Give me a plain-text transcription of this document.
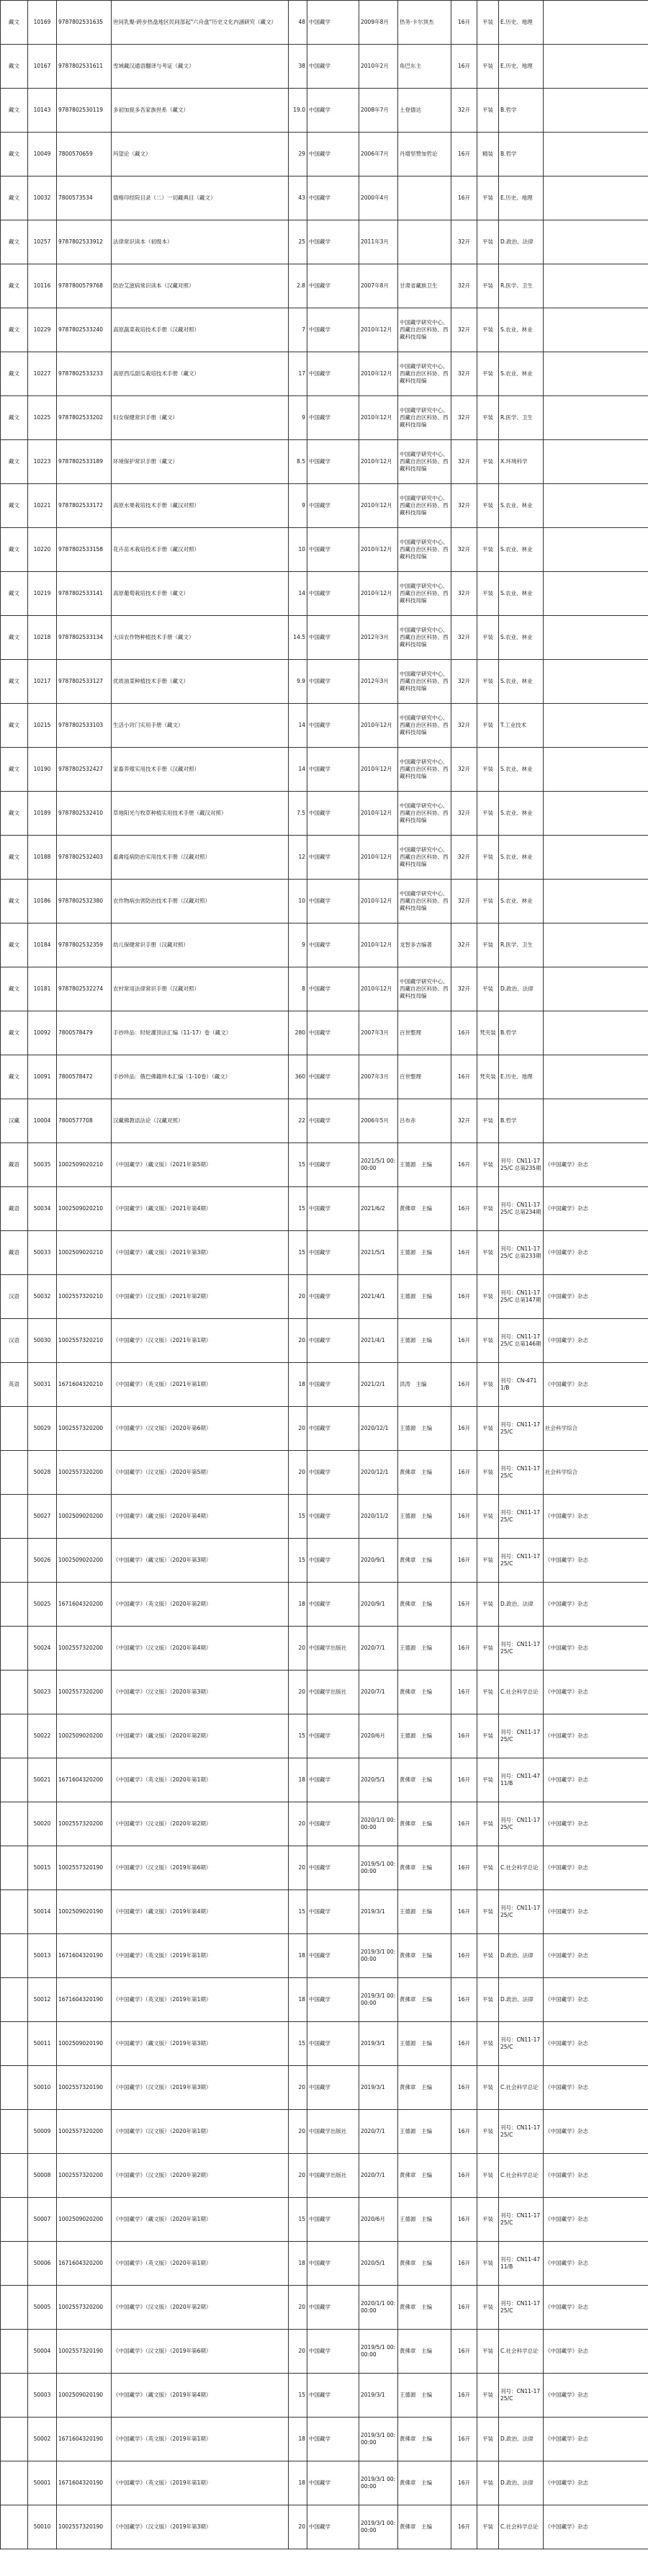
藏文	10169	9787802531635	世间乳聚-跨步热盘地区民间部起"六舟盘"历史文化内涵研究（藏文）	48	中国藏学	2009年8月	热务·卡尔顶杰	16开	平装	E.历史、地理	
藏文	10167	9787802531611	雪域藏汉通语翻译与考证（藏文）	38	中国藏学	2010年2月	角巴东主	16开	平装	E.历史、地理	
藏文	10143	9787802530119	多初加捉多吾家族世系（藏文）	19.0	中国藏学	2008年7月	土登德达	32开	平装	B.哲学	
藏文	10049	7800570659	玛望论（藏文）	29	中国藏学	2006年7月	丹增坚赞加哲论	16开	精装	B.哲学	
藏文	10032	7800573534	德格印经院目录（二）一切藏典目（藏文）	43	中国藏学	2000年4月		16开	平装	E.历史、地理	
藏文	10257	9787802533912	法律常识读本（初级本）	25	中国藏学	2011年3月		32开	平装	D.政治、法律	
藏文	10116	9787800579768	防治艾滋病常识读本（汉藏对照）	2.8	中国藏学	2007年8月	甘肃省藏族卫生	32开	平装	R.医学、卫生	
藏文	10229	9787802533240	高原蔬菜栽培技术手册（汉藏对照）	7	中国藏学	2010年12月	中国藏学研究中心、西藏自治区科协、西藏科技局编	32开	平装	S.农业、林业	
藏文	10227	9787802533233	高原西瓜甜瓜栽培技术手册（藏文）	17	中国藏学	2010年12月	中国藏学研究中心、西藏自治区科协、西藏科技局编	32开	平装	S.农业、林业	
藏文	10225	9787802533202	妇女保健常识手册（藏文）	9	中国藏学	2010年12月	中国藏学研究中心、西藏自治区科协、西藏科技局编	32开	平装	R.医学、卫生	
藏文	10223	9787802533189	环境保护常识手册（藏文）	8.5	中国藏学	2010年12月	中国藏学研究中心、西藏自治区科协、西藏科技局编	32开	平装	X.环境科学	
藏文	10221	9787802533172	高原水果栽培技术手册（藏汉对照）	9	中国藏学	2010年12月	中国藏学研究中心、西藏自治区科协、西藏科技局编	32开	平装	S.农业、林业	
藏文	10220	9787802533158	花卉苗木栽培技术手册（藏汉对照）	10	中国藏学	2010年12月	中国藏学研究中心、西藏自治区科协、西藏科技局编	32开	平装	S.农业、林业	
藏文	10219	9787802533141	高原葡萄栽培技术手册（藏文）	14	中国藏学	2010年12月	中国藏学研究中心、西藏自治区科协、西藏科技局编	32开	平装	S.农业、林业	
藏文	10218	9787802533134	大田农作物种植技术手册（藏文）	14.5	中国藏学	2012年3月	中国藏学研究中心、西藏自治区科协、西藏科技局编	32开	平装	S.农业、林业	
藏文	10217	9787802533127	优质油菜种植技术手册（藏文）	9.9	中国藏学	2012年3月	中国藏学研究中心、西藏自治区科协、西藏科技局编	32开	平装	S.农业、林业	
藏文	10215	9787802533103	生活小窍门实用手册（藏文）	14	中国藏学	2010年12月	中国藏学研究中心、西藏自治区科协、西藏科技局编	32开	平装	T.工业技术	
藏文	10190	9787802532427	家畜养殖实用技术手册（汉藏对照）	14	中国藏学	2010年12月	中国藏学研究中心、西藏自治区科协、西藏科技局编	32开	平装	S.农业、林业	
藏文	10189	9787802532410	草地阳光与牧草种植实用技术手册（藏汉对照）	7.5	中国藏学	2010年12月	中国藏学研究中心、西藏自治区科协、西藏科技局编	32开	平装	S.农业、林业	
藏文	10188	9787802532403	畜禽疫病防治实用技术手册（汉藏对照）	12	中国藏学	2010年12月	中国藏学研究中心、西藏自治区科协、西藏科技局编	32开	平装	S.农业、林业	
藏文	10186	9787802532380	农作物病虫害防治技术手册（汉藏对照）	10	中国藏学	2010年12月	中国藏学研究中心、西藏自治区科协、西藏科技局编	32开	平装	S.农业、林业	
藏文	10184	9787802532359	幼儿保健常识手册（汉藏对照）	9	中国藏学	2010年12月	龙智多吉编著	32开	平装	R.医学、卫生	
藏文	10181	9787802532274	农村常用法律常识手册（汉藏对照）	8	中国藏学	2010年12月	中国藏学研究中心、西藏自治区科协、西藏科技局编	32开	平装	D.政治、法律	
藏文	10092	7800578479	手抄珍品：时轮灌顶法汇编（11-17）卷（藏文）	280	中国藏学	2007年3月	百世整理	16开	梵夹装	B.哲学	
藏文	10091	7800578472	手抄珍品：俄巴佛籍珍本汇编（1-10卷）（藏文）	360	中国藏学	2007年3月	百世整理	16开	梵夹装	E.历史、地理	
汉藏	10004	7800577708	汉藏佛教语法论（汉藏对照）	22	中国藏学	2006年5月	吕布赤	32开	平装	B.哲学	
藏语	50035	1002509020210	《中国藏学》（藏文版）（2021年第5期）	15	中国藏学	2021/5/1 00:00:00	王德源　主编	16开	平装	刊号：CN11-1725/C 总第235期	《中国藏学》杂志
藏语	50034	1002509020210	《中国藏学》（藏文版）（2021年第4期）	15	中国藏学	2021/6/2	黄佛章　主编	16开	平装	刊号：CN11-1725/C 总第234期	《中国藏学》杂志
藏语	50033	1002509020210	《中国藏学》（藏文版）（2021年第3期）	15	中国藏学	2021/5/1	王德源　主编	16开	平装	刊号：CN11-1725/C 总第233期	《中国藏学》杂志
汉语	50032	1002557320210	《中国藏学》（汉文版）（2021年第2期）	20	中国藏学	2021/4/1	王德源　主编	16开	平装	刊号：CN11-1725/C 总第147期	《中国藏学》杂志
汉语	50030	1002557320210	《中国藏学》（汉文版）（2021年第1期）	20	中国藏学	2021/4/1	王德源　主编	16开	平装	刊号：CN11-1725/C 总第146期	《中国藏学》杂志
英语	50031	1671604320210	《中国藏学》（英文版）（2021年第1期）	18	中国藏学	2021/2/1	洪涛　主编	16开	平装	刊号：CN-4711/B	《中国藏学》杂志
	50029	1002557320200	《中国藏学》（汉文版）（2020年第6期）	20	中国藏学	2020/12/1	王德源　主编	16开	平装	刊号：CN11-1725/C	社会科学综合
	50028	1002557320200	《中国藏学》（汉文版）（2020年第5期）	20	中国藏学	2020/12/1	黄佛章　主编	16开	平装	刊号：CN11-1725/C	社会科学综合
	50027	1002509020200	《中国藏学》（藏文版）（2020年第4期）	15	中国藏学	2020/11/2	王德源　主编	16开	平装	刊号：CN11-1725/C	《中国藏学》杂志
	50026	1002509020200	《中国藏学》（藏文版）（2020年第3期）	15	中国藏学	2020/9/1	黄佛章　主编	16开	平装	刊号：CN11-1725/C	《中国藏学》杂志
	50025	1671604320200	《中国藏学》（英文版）（2020年第2期）	18	中国藏学	2020/9/1	黄佛章　主编	16开	平装	D.政治、法律	《中国藏学》杂志
	50024	1002557320200	《中国藏学》（汉文版）（2020年第4期）	20	中国藏学出版社	2020/7/1	王德源　主编	16开	平装	刊号：CN11-1725/C	《中国藏学》杂志
	50023	1002557320200	《中国藏学》（汉文版）（2020年第3期）	20	中国藏学出版社	2020/7/1	黄佛章　主编	16开	平装	C.社会科学总论	《中国藏学》杂志
	50022	1002509020200	《中国藏学》（藏文版）（2020年第2期）	15	中国藏学	2020/6月	王德源　主编	16开	平装	刊号：CN11-1725/C	《中国藏学》杂志
	50021	1671604320200	《中国藏学》（英文版）（2020年第1期）	18	中国藏学	2020/5/1	黄佛章　主编	16开	平装	刊号：CN11-4711/B	《中国藏学》杂志
	50020	1002557320200	《中国藏学》（汉文版）（2020年第2期）	20	中国藏学	2020/1/1 00:00:00	黄佛章　主编	16开	平装	刊号：CN11-1725/C	《中国藏学》杂志
	50015	1002557320190	《中国藏学》（汉文版）（2019年第6期）	20	中国藏学	2019/5/1 00:00:00	黄佛章　主编	16开	平装	C.社会科学总论	《中国藏学》杂志
	50014	1002509020190	《中国藏学》（藏文版）（2019年第4期）	15	中国藏学	2019/3/1	王德源　主编	16开	平装	刊号：CN11-1725/C	《中国藏学》杂志
	50013	1671604320190	《中国藏学》（英文版）（2019年第1期）	18	中国藏学	2019/3/1 00:00:00	黄佛章　主编	16开	平装	D.政治、法律	《中国藏学》杂志
	50012	1671604320190	《中国藏学》（英文版）（2019年第1期）	18	中国藏学	2019/3/1 00:00:00	黄佛章　主编	16开	平装	D.政治、法律	《中国藏学》杂志
	50011	1002509020190	《中国藏学》（藏文版）（2019年第3期）	15	中国藏学	2019/3/1	王德源　主编	16开	平装	刊号：CN11-1725/C	《中国藏学》杂志
	50010	1002557320190	《中国藏学》（汉文版）（2019年第3期）	20	中国藏学	2019/3/1	黄佛章　主编	16开	平装	C.社会科学总论	《中国藏学》杂志
	50009	1002557320200	《中国藏学》（汉文版）（2020年第1期）	20	中国藏学出版社	2020/7/1	王德源　主编	16开	平装	刊号：CN11-1725/C	《中国藏学》杂志
	50008	1002557320200	《中国藏学》（汉文版）（2020年第2期）	20	中国藏学出版社	2020/7/1	黄佛章　主编	16开	平装	C.社会科学总论	《中国藏学》杂志
	50007	1002509020200	《中国藏学》（藏文版）（2020年第1期）	15	中国藏学	2020/6月	王德源　主编	16开	平装	刊号：CN11-1725/C	《中国藏学》杂志
	50006	1671604320200	《中国藏学》（英文版）（2020年第1期）	18	中国藏学	2020/5/1	黄佛章　主编	16开	平装	刊号：CN11-4711/B	《中国藏学》杂志
	50005	1002557320200	《中国藏学》（汉文版）（2020年第2期）	20	中国藏学	2020/1/1 00:00:00	黄佛章　主编	16开	平装	刊号：CN11-1725/C	《中国藏学》杂志
	50004	1002557320190	《中国藏学》（汉文版）（2019年第6期）	20	中国藏学	2019/5/1 00:00:00	黄佛章　主编	16开	平装	C.社会科学总论	《中国藏学》杂志
	50003	1002509020190	《中国藏学》（藏文版）（2019年第4期）	15	中国藏学	2019/3/1	王德源　主编	16开	平装	刊号：CN11-1725/C	《中国藏学》杂志
	50002	1671604320190	《中国藏学》（英文版）（2019年第1期）	18	中国藏学	2019/3/1 00:00:00	黄佛章　主编	16开	平装	D.政治、法律	《中国藏学》杂志
	50001	1671604320190	《中国藏学》（英文版）（2019年第1期）	18	中国藏学	2019/3/1 00:00:00	黄佛章　主编	16开	平装	D.政治、法律	《中国藏学》杂志
	50010	1002557320190	《中国藏学》（汉文版）（2019年第3期）	20	中国藏学	2019/3/1 00:00:00	黄佛章　主编	16开	平装	C.社会科学总论	《中国藏学》杂志
